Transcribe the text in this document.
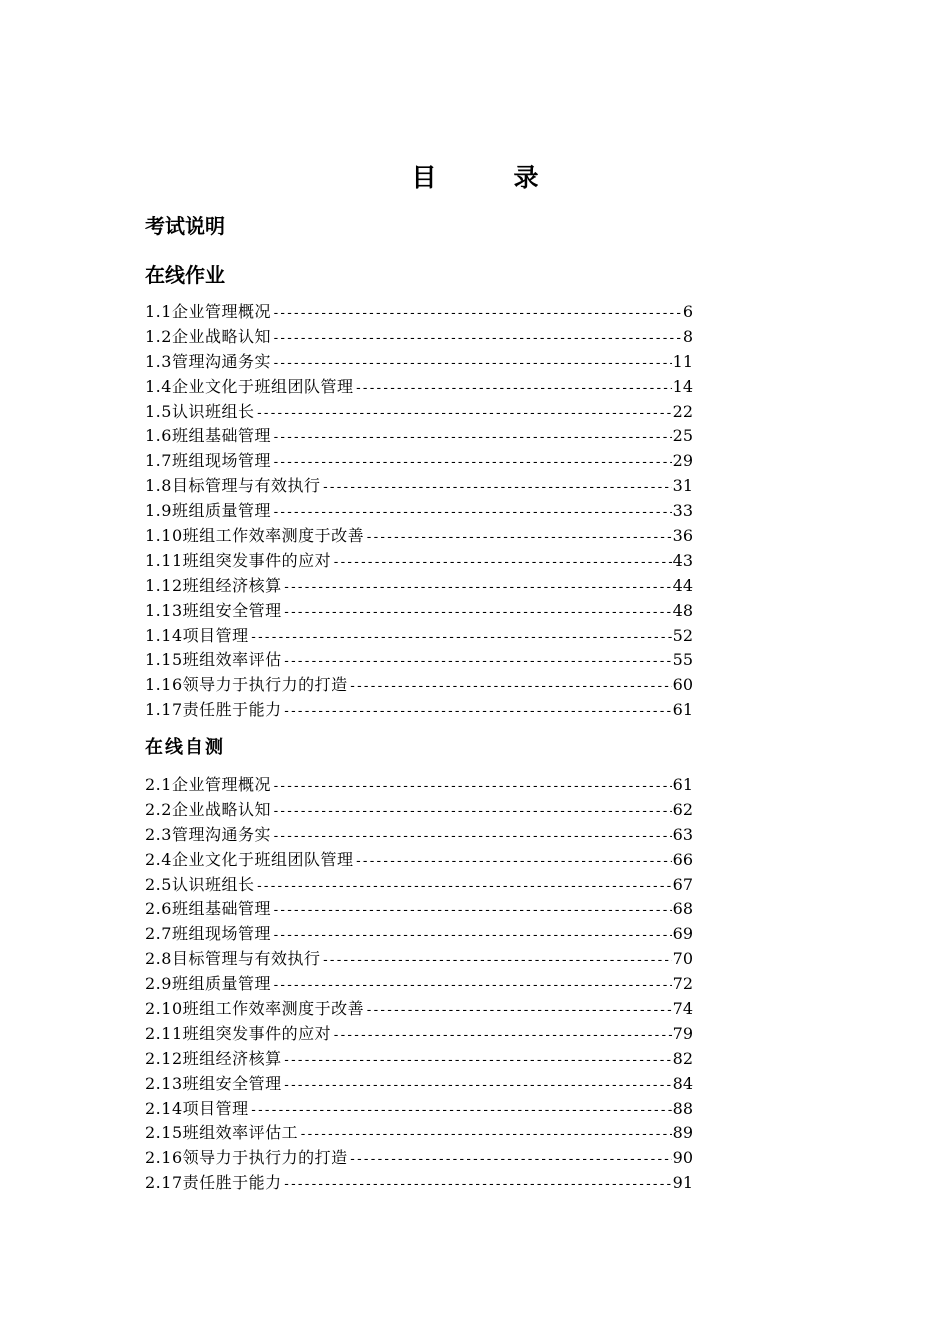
目　录
考试说明
在线作业
1.1企业管理概况 -----	6
1.2企业战略认知 -----	8
1.3管理沟通务实 -----	11
1.4企业文化于班组团队管理 -----	14
1.5认识班组长 -----	22
1.6班组基础管理 -----	25
1.7班组现场管理 -----	29
1.8目标管理与有效执行 -----	31
1.9班组质量管理 -----	33
1.10班组工作效率测度于改善 -----	36
1.11班组突发事件的应对 -----	43
1.12班组经济核算 -----	44
1.13班组安全管理 -----	48
1.14项目管理 -----	52
1.15班组效率评估 -----	55
1.16领导力于执行力的打造 -----	60
1.17责任胜于能力 -----	61
在线自测
2.1企业管理概况 -----	61
2.2企业战略认知 -----	62
2.3管理沟通务实 -----	63
2.4企业文化于班组团队管理 -----	66
2.5认识班组长 -----	67
2.6班组基础管理 -----	68
2.7班组现场管理 -----	69
2.8目标管理与有效执行 -----	70
2.9班组质量管理 -----	72
2.10班组工作效率测度于改善 -----	74
2.11班组突发事件的应对 -----	79
2.12班组经济核算 -----	82
2.13班组安全管理 -----	84
2.14项目管理 -----	88
2.15班组效率评估工 -----	89
2.16领导力于执行力的打造 -----	90
2.17责任胜于能力 -----	91
